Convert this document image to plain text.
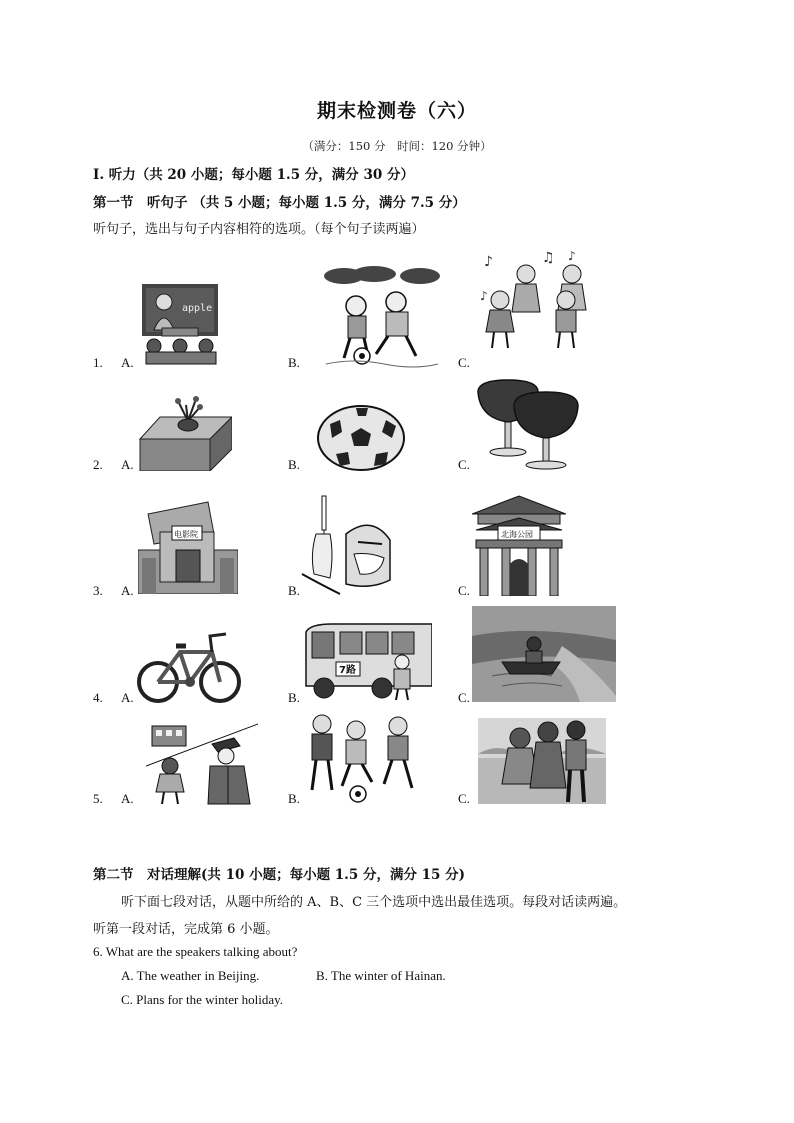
期末检测卷（六）
（满分：150 分　时间：120 分钟）
I. 听力（共 20 小题；每小题 1.5 分，满分 30 分）
第一节　听句子 （共 5 小题；每小题 1.5 分，满分 7.5 分）
听句子，选出与句子内容相符的选项。（每个句子读两遍）
1. A.
apple
B.	C.
♪	♫ ♪
♪
2. A.	B.	C.
3. A.
电影院
B.	C.
北海公园
4. A.	B.
7路
C.
5. A.	B.	C.
第二节　对话理解(共 10 小题；每小题 1.5 分，满分 15 分)
听下面七段对话，从题中所给的 A、B、C 三个选项中选出最佳选项。每段对话读两遍。
听第一段对话，完成第 6 小题。
6. What are the speakers talking about?
A. The weather in Beijing.	B. The winter of Hainan.
C. Plans for the winter holiday.
